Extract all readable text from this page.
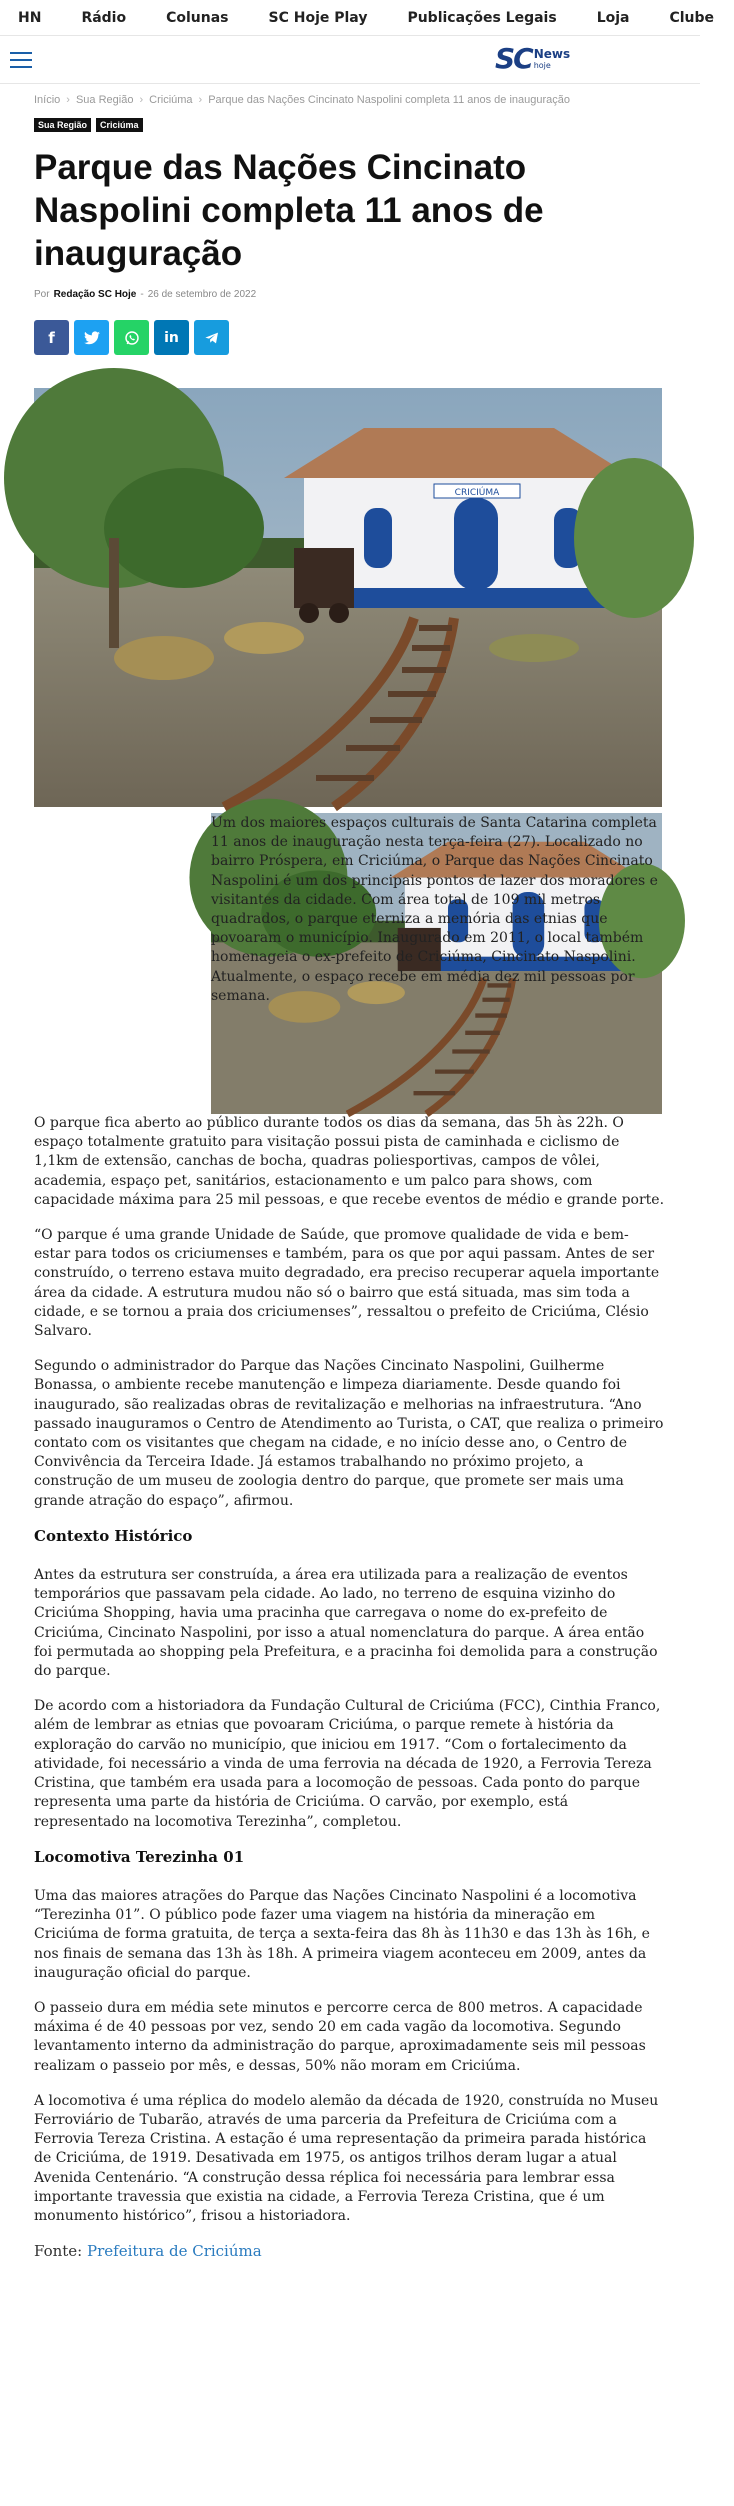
HN	Rádio	Colunas	SC Hoje Play	Publicações Legais	Loja	Clube
SC News
hoje
Início › Sua Região › Criciúma › Parque das Nações Cincinato Naspolini completa 11 anos de inauguração
Sua Região	Criciúma
Parque das Nações Cincinato Naspolini completa 11 anos de inauguração
Por Redação SC Hoje - 26 de setembro de 2022
f	in
CRICIÚMA

Um dos maiores espaços culturais de Santa Catarina completa 11 anos de inauguração nesta terça-feira (27). Localizado no bairro Próspera, em Criciúma, o Parque das Nações Cincinato Naspolini é um dos principais pontos de lazer dos moradores e visitantes da cidade. Com área total de 109 mil metros quadrados, o parque eterniza a memória das etnias que povoaram o município. Inaugurado em 2011, o local também homenageia o ex-prefeito de Criciúma, Cincinato Naspolini. Atualmente, o espaço recebe em média dez mil pessoas por semana.

O parque fica aberto ao público durante todos os dias da semana, das 5h às 22h. O espaço totalmente gratuito para visitação possui pista de caminhada e ciclismo de 1,1km de extensão, canchas de bocha, quadras poliesportivas, campos de vôlei, academia, espaço pet, sanitários, estacionamento e um palco para shows, com capacidade máxima para 25 mil pessoas, e que recebe eventos de médio e grande porte.

“O parque é uma grande Unidade de Saúde, que promove qualidade de vida e bem-estar para todos os criciumenses e também, para os que por aqui passam. Antes de ser construído, o terreno estava muito degradado, era preciso recuperar aquela importante área da cidade. A estrutura mudou não só o bairro que está situada, mas sim toda a cidade, e se tornou a praia dos criciumenses”, ressaltou o prefeito de Criciúma, Clésio Salvaro.

Segundo o administrador do Parque das Nações Cincinato Naspolini, Guilherme Bonassa, o ambiente recebe manutenção e limpeza diariamente. Desde quando foi inaugurado, são realizadas obras de revitalização e melhorias na infraestrutura. “Ano passado inauguramos o Centro de Atendimento ao Turista, o CAT, que realiza o primeiro contato com os visitantes que chegam na cidade, e no início desse ano, o Centro de Convivência da Terceira Idade. Já estamos trabalhando no próximo projeto, a construção de um museu de zoologia dentro do parque, que promete ser mais uma grande atração do espaço”, afirmou.

Contexto Histórico

Antes da estrutura ser construída, a área era utilizada para a realização de eventos temporários que passavam pela cidade. Ao lado, no terreno de esquina vizinho do Criciúma Shopping, havia uma pracinha que carregava o nome do ex-prefeito de Criciúma, Cincinato Naspolini, por isso a atual nomenclatura do parque. A área então foi permutada ao shopping pela Prefeitura, e a pracinha foi demolida para a construção do parque.

De acordo com a historiadora da Fundação Cultural de Criciúma (FCC), Cinthia Franco, além de lembrar as etnias que povoaram Criciúma, o parque remete à história da exploração do carvão no município, que iniciou em 1917. “Com o fortalecimento da atividade, foi necessário a vinda de uma ferrovia na década de 1920, a Ferrovia Tereza Cristina, que também era usada para a locomoção de pessoas. Cada ponto do parque representa uma parte da história de Criciúma. O carvão, por exemplo, está representado na locomotiva Terezinha”, completou.

Locomotiva Terezinha 01

Uma das maiores atrações do Parque das Nações Cincinato Naspolini é a locomotiva “Terezinha 01”. O público pode fazer uma viagem na história da mineração em Criciúma de forma gratuita, de terça a sexta-feira das 8h às 11h30 e das 13h às 16h, e nos finais de semana das 13h às 18h. A primeira viagem aconteceu em 2009, antes da inauguração oficial do parque.

O passeio dura em média sete minutos e percorre cerca de 800 metros. A capacidade máxima é de 40 pessoas por vez, sendo 20 em cada vagão da locomotiva. Segundo levantamento interno da administração do parque, aproximadamente seis mil pessoas realizam o passeio por mês, e dessas, 50% não moram em Criciúma.

A locomotiva é uma réplica do modelo alemão da década de 1920, construída no Museu Ferroviário de Tubarão, através de uma parceria da Prefeitura de Criciúma com a Ferrovia Tereza Cristina. A estação é uma representação da primeira parada histórica de Criciúma, de 1919. Desativada em 1975, os antigos trilhos deram lugar a atual Avenida Centenário. “A construção dessa réplica foi necessária para lembrar essa importante travessia que existia na cidade, a Ferrovia Tereza Cristina, que é um monumento histórico”, frisou a historiadora.

Fonte: Prefeitura de Criciúma
